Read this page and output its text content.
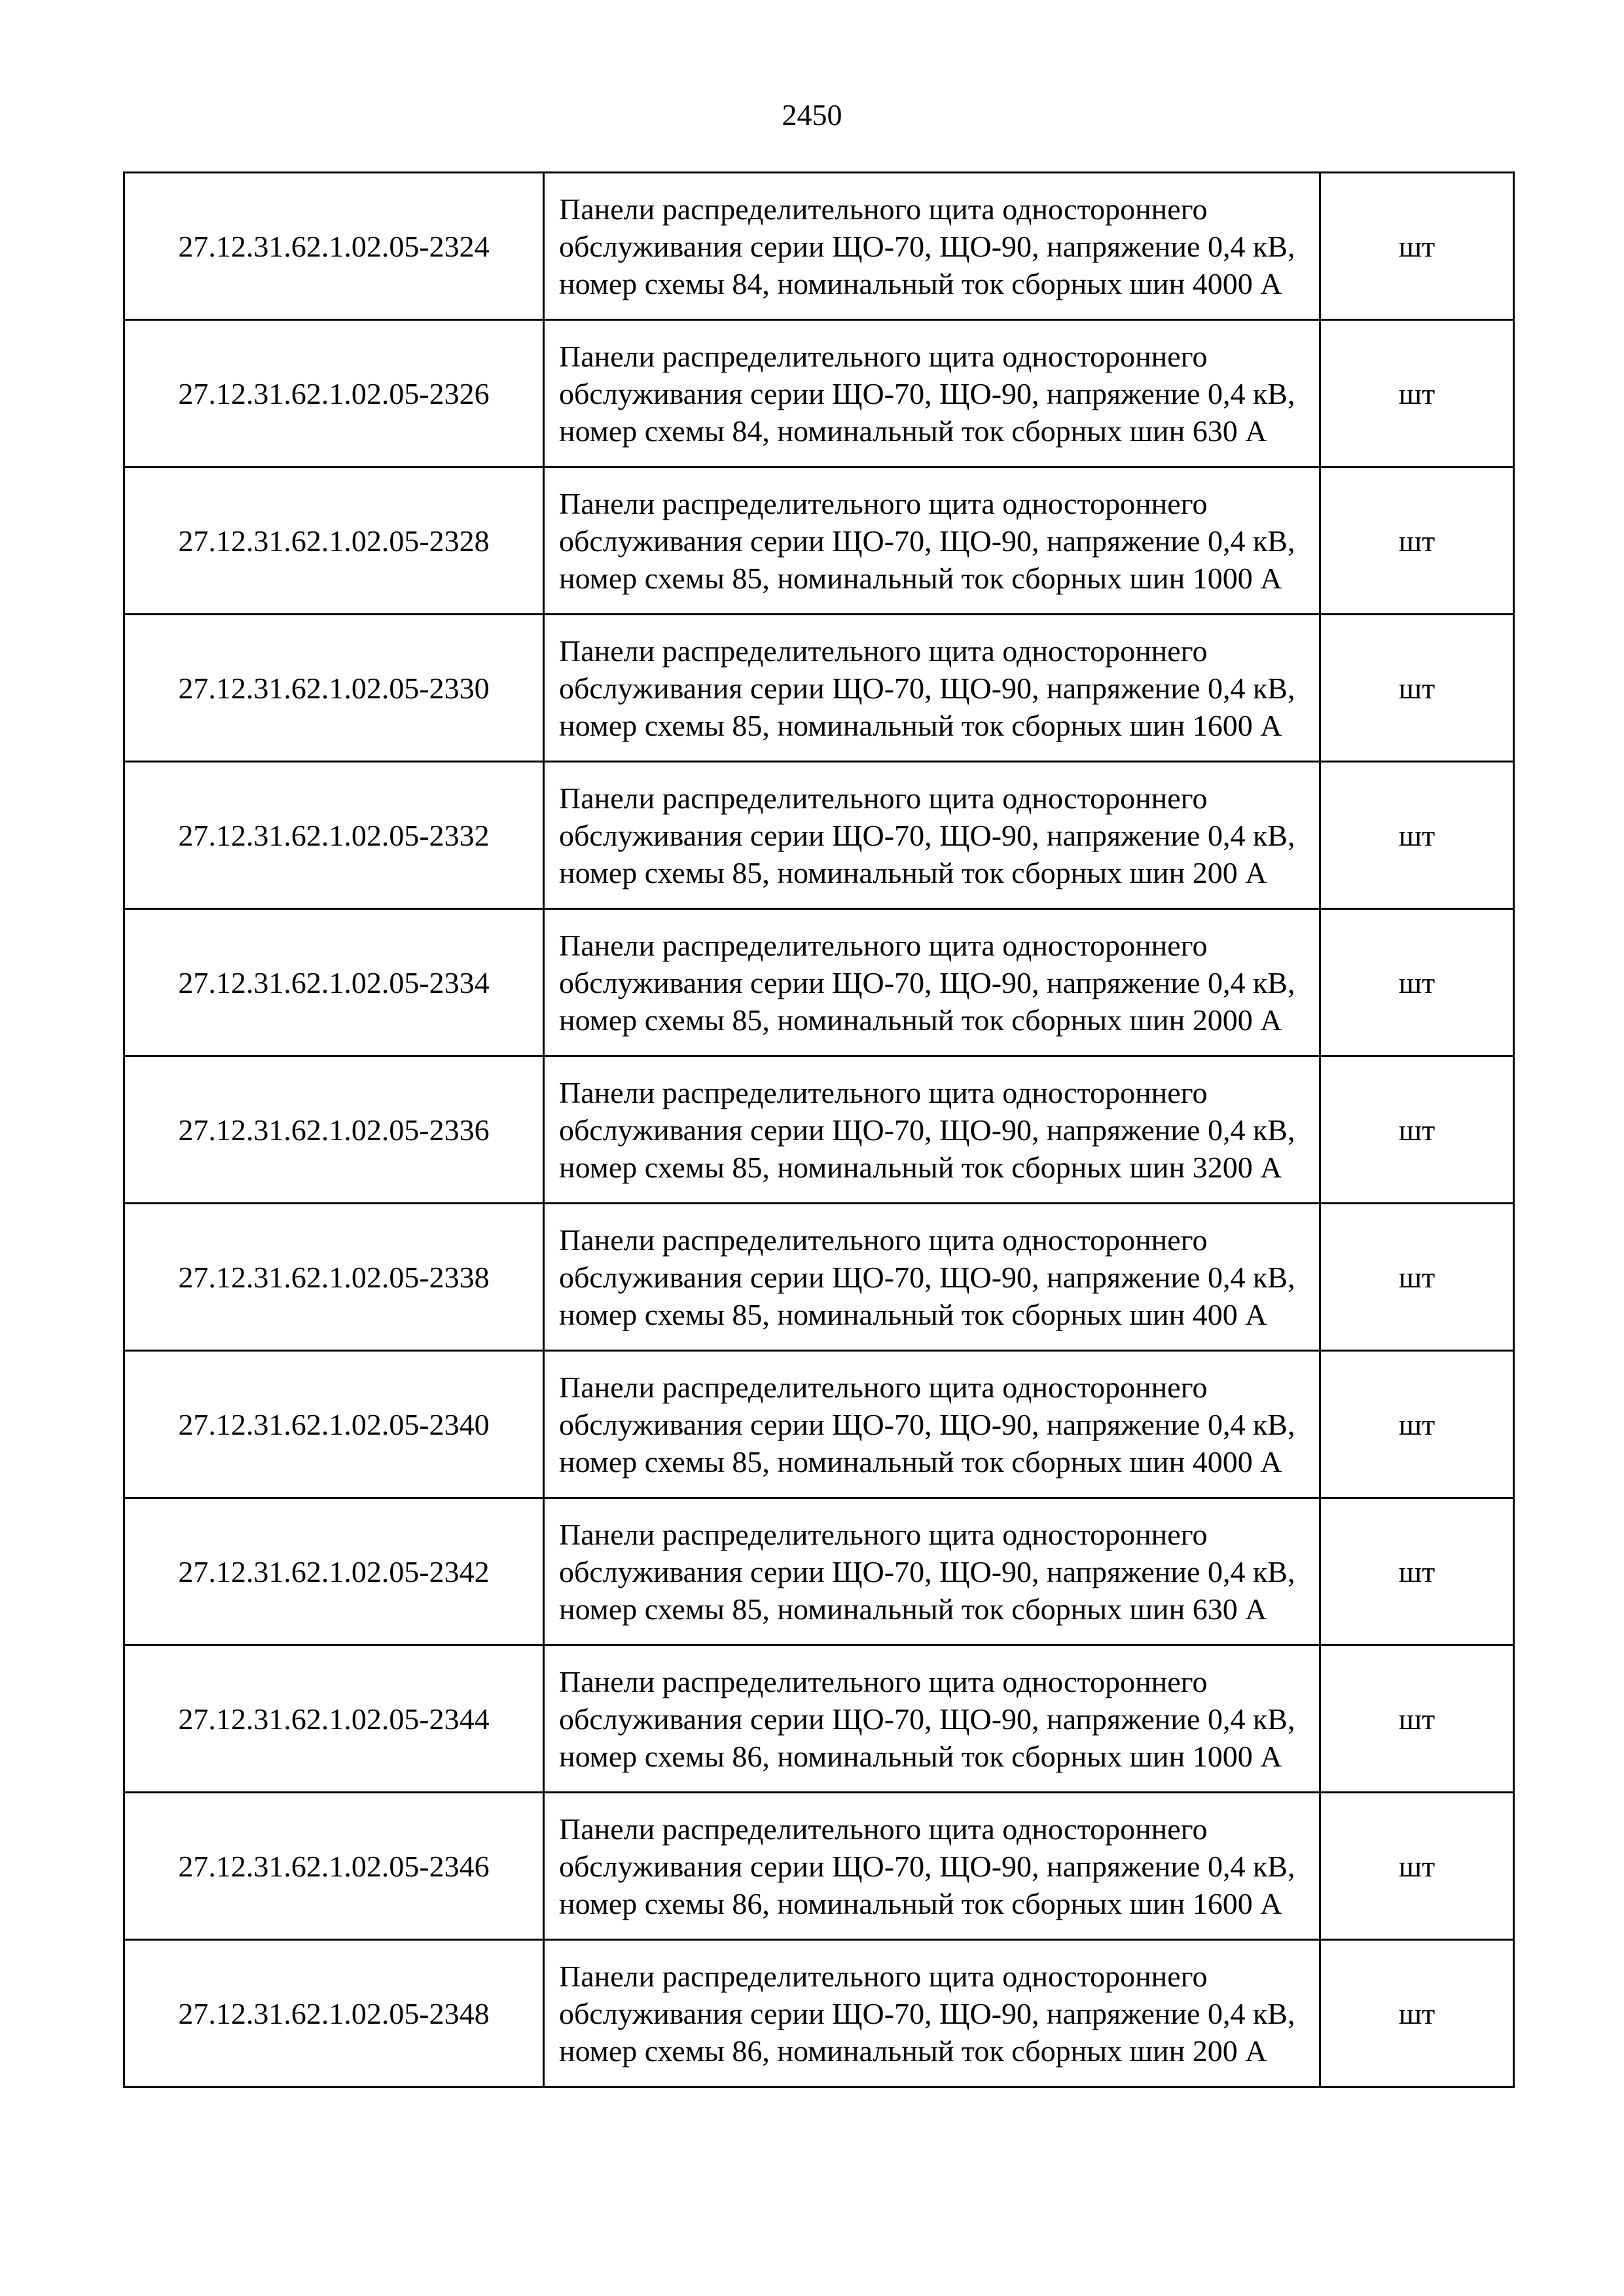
2450
27.12.31.62.1.02.05-2324	Панели распределительного щита одностороннего обслуживания серии ЩО-70, ЩО-90, напряжение 0,4 кВ, номер схемы 84, номинальный ток сборных шин 4000 А	шт
27.12.31.62.1.02.05-2326	Панели распределительного щита одностороннего обслуживания серии ЩО-70, ЩО-90, напряжение 0,4 кВ, номер схемы 84, номинальный ток сборных шин 630 А	шт
27.12.31.62.1.02.05-2328	Панели распределительного щита одностороннего обслуживания серии ЩО-70, ЩО-90, напряжение 0,4 кВ, номер схемы 85, номинальный ток сборных шин 1000 А	шт
27.12.31.62.1.02.05-2330	Панели распределительного щита одностороннего обслуживания серии ЩО-70, ЩО-90, напряжение 0,4 кВ, номер схемы 85, номинальный ток сборных шин 1600 А	шт
27.12.31.62.1.02.05-2332	Панели распределительного щита одностороннего обслуживания серии ЩО-70, ЩО-90, напряжение 0,4 кВ, номер схемы 85, номинальный ток сборных шин 200 А	шт
27.12.31.62.1.02.05-2334	Панели распределительного щита одностороннего обслуживания серии ЩО-70, ЩО-90, напряжение 0,4 кВ, номер схемы 85, номинальный ток сборных шин 2000 А	шт
27.12.31.62.1.02.05-2336	Панели распределительного щита одностороннего обслуживания серии ЩО-70, ЩО-90, напряжение 0,4 кВ, номер схемы 85, номинальный ток сборных шин 3200 А	шт
27.12.31.62.1.02.05-2338	Панели распределительного щита одностороннего обслуживания серии ЩО-70, ЩО-90, напряжение 0,4 кВ, номер схемы 85, номинальный ток сборных шин 400 А	шт
27.12.31.62.1.02.05-2340	Панели распределительного щита одностороннего обслуживания серии ЩО-70, ЩО-90, напряжение 0,4 кВ, номер схемы 85, номинальный ток сборных шин 4000 А	шт
27.12.31.62.1.02.05-2342	Панели распределительного щита одностороннего обслуживания серии ЩО-70, ЩО-90, напряжение 0,4 кВ, номер схемы 85, номинальный ток сборных шин 630 А	шт
27.12.31.62.1.02.05-2344	Панели распределительного щита одностороннего обслуживания серии ЩО-70, ЩО-90, напряжение 0,4 кВ, номер схемы 86, номинальный ток сборных шин 1000 А	шт
27.12.31.62.1.02.05-2346	Панели распределительного щита одностороннего обслуживания серии ЩО-70, ЩО-90, напряжение 0,4 кВ, номер схемы 86, номинальный ток сборных шин 1600 А	шт
27.12.31.62.1.02.05-2348	Панели распределительного щита одностороннего обслуживания серии ЩО-70, ЩО-90, напряжение 0,4 кВ, номер схемы 86, номинальный ток сборных шин 200 А	шт
